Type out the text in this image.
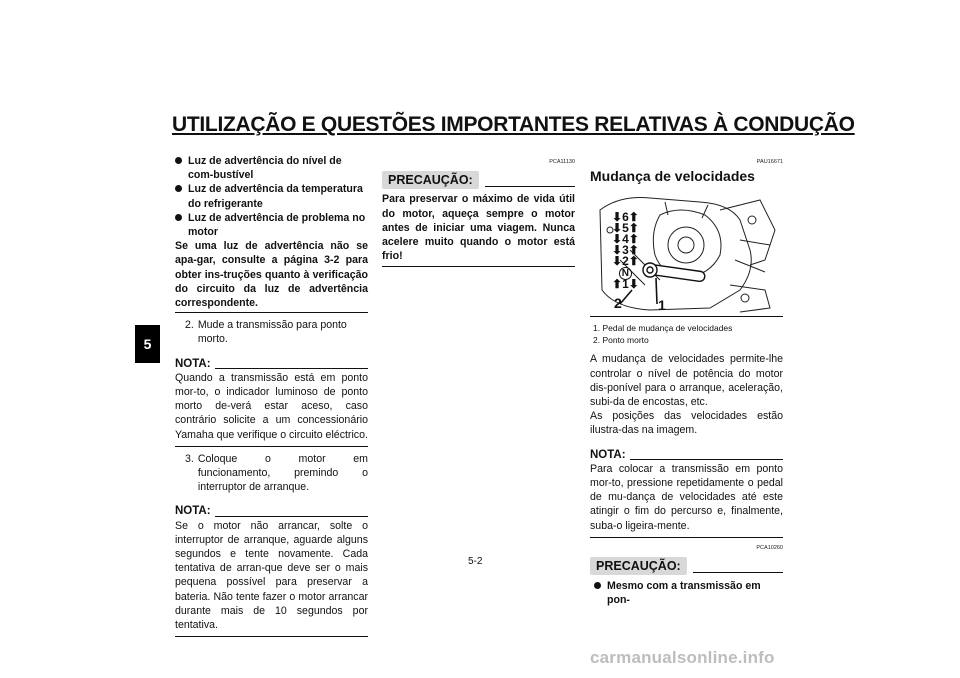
UTILIZAÇÃO E QUESTÕES IMPORTANTES RELATIVAS À CONDUÇÃO
5
Luz de advertência do nível de com-bustível
Luz de advertência da temperatura do refrigerante
Luz de advertência de problema no motor
Se uma luz de advertência não se apa-gar, consulte a página 3-2 para obter ins-truções quanto à verificação do circuito da luz de advertência correspondente.
2. Mude a transmissão para ponto morto.
NOTA:
Quando a transmissão está em ponto mor-to, o indicador luminoso de ponto morto de-verá estar aceso, caso contrário solicite a um concessionário Yamaha que verifique o circuito eléctrico.
3. Coloque o motor em funcionamento, premindo o interruptor de arranque.
NOTA:
Se o motor não arrancar, solte o interruptor de arranque, aguarde alguns segundos e tente novamente. Cada tentativa de arran-que deve ser o mais pequena possível para preservar a bateria. Não tente fazer o motor arrancar durante mais de 10 segundos por tentativa.
PCA11130
PRECAUÇÃO:
Para preservar o máximo de vida útil do motor, aqueça sempre o motor antes de iniciar uma viagem. Nunca acelere muito quando o motor está frio!
PAU16671
Mudança de velocidades
⬇6⬆
⬇5⬆
⬇4⬆
⬇3⬆
⬇2⬆
N
⬆1⬇
2	1
1. Pedal de mudança de velocidades
2. Ponto morto
A mudança de velocidades permite-lhe controlar o nível de potência do motor dis-ponível para o arranque, aceleração, subi-da de encostas, etc.
As posições das velocidades estão ilustra-das na imagem.
NOTA:
Para colocar a transmissão em ponto mor-to, pressione repetidamente o pedal de mu-dança de velocidades até este atingir o fim do percurso e, finalmente, suba-o ligeira-mente.
PCA10260
PRECAUÇÃO:
Mesmo com a transmissão em pon-
5-2
carmanualsonline.info
